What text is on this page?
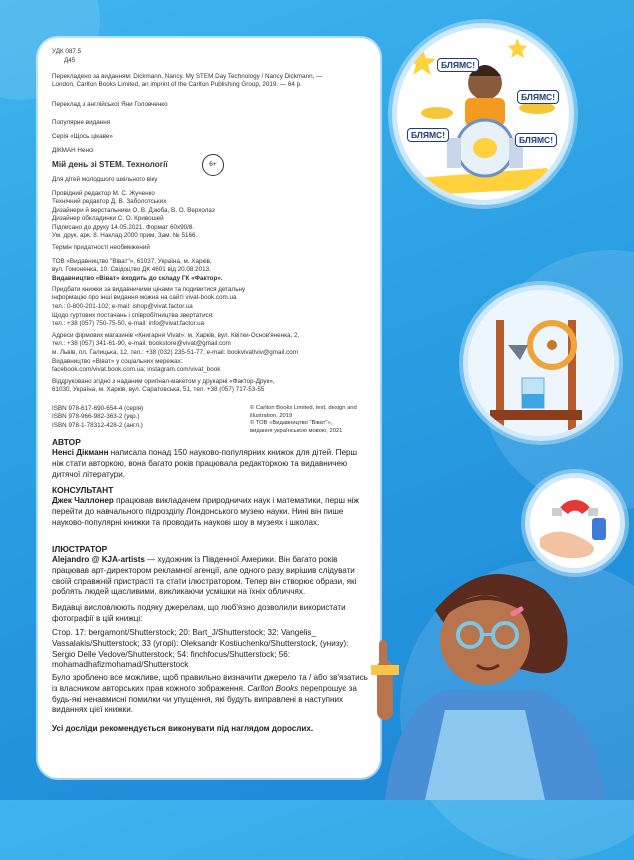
УДК 087.5
Д45
Перекладено за виданням: Dickmann, Nancy. My STEM Day Technology / Nancy Dickmann, — London, Carlton Books Limited, an imprint of the Carlton Publishing Group, 2019. — 64 р.
Переклад з англійської Яни Головченко
Популярне видання
Серія «Щось цікаве»
ДІКМАН Ненсі
Мій день зі STEM. Технології	6+
Для дітей молодшого шкільного віку
Провідний редактор М. С. Жученко
Технічний редактор Д. В. Заболотських
Дизайнери й верстальники О. В. Дзюба, В. О. Верхолаз
Дизайнер обкладинки С. О. Кривошей
Підписано до друку 14.05.2021. Формат 60х90/8.
Ум. друк. арк. 8. Наклад 2000 прим. Зам. № 5166.
Термін придатності необмежений
ТОВ «Видавництво "Віват"», 61037, Україна, м. Харків,
вул. Гомоненка, 10. Свідоцтво ДК 4601 від 20.08.2013.
Видавництво «Віват» входить до складу ГК «Фактор».
Придбати книжки за видавничими цінами та подивитися детальну
інформацію про інші видання можна на сайті vivat-book.com.ua
тел.: 0-800-201-102; e-mail: ishop@vivat.factor.ua
Щодо гуртових постачань і співробітництва звертатися:
тел.: +38 (057) 750-75-50, e-mail: info@vivat.factor.ua
Адреси фірмових магазинів «Книгарня Vivat»: м. Харків, вул. Квітки-Основ'яненка, 2,
тел.: +38 (057) 341-61-90, e-mail: bookstore@vivat@gmail.com
м. Львів, пл. Галицька, 12, тел.: +38 (032) 235-51-77, e-mail: bookvivatlviv@gmail.com
Видавництво «Віват» у соціальних мережах:
facebook.com/vivat.book.com.ua; instagram.com/vivat_book
Віддруковано згідно з наданим оригінал-макетом у друкарні «Фактор-Друк»,
61030, Україна, м. Харків, вул. Саратовська, 51, тел. +38 (057) 717-53-55
ISBN 978-617-690-654-4 (серія)
ISBN 978-966-982-363-2 (укр.)
ISBN 978-1-78312-428-2 (англ.)
© Carlton Books Limited, text, design and illustration, 2019
© ТОВ «Видавництво "Віват"»,
видання українською мовою, 2021
АВТОР
Ненсі Дікманн написала понад 150 науково-популярних книжок для дітей. Перш ніж стати авторкою, вона багато років працювала редакторкою та видавничею дитячої літератури.
КОНСУЛЬТАНТ
Джек Чаллонер працював викладачем природничих наук і математики, перш ніж перейти до навчального підрозділу Лондонського музею науки. Нині він пише науково-популярні книжки та проводить наукові шоу в музеях і школах.
ІЛЮСТРАТОР
Alejandro @ KJA-artists — художник із Південної Америки. Він багато років працював арт-директором рекламної агенції, але одного разу вирішив слідувати своїй справжній пристрасті та стати ілюстратором. Тепер він створює образи, які роблять людей щасливими, викликаючи усмішки на їхніх обличчях.
Видавці висловлюють подяку джерелам, що люб'язно дозволили використати фотографії в цій книжці:
Стор. 17: bergamont/Shutterstock; 20: Bart_J/Shutterstock; 32: Vangelis_ Vassalakis/Shutterstock; 33 (угорі): Oleksandr Kostiuchenko/Shutterstock, (унизу): Sergio Delle Vedove/Shutterstock; 54: finchfocus/Shutterstock; 56: mohamadhafizmohamad/Shutterstock
Було зроблено все можливе, щоб правильно визначити джерело та / або зв'язатись із власником авторських прав кожного зображення. Carlton Books перепрошує за будь-які ненавмисні помилки чи упущення, які будуть виправлені в наступних виданнях цієї книжки.
Усі досліди рекомендується виконувати під наглядом дорослих.
БЛЯМС!
БЛЯМС!
БЛЯМС!
БЛЯМС!
